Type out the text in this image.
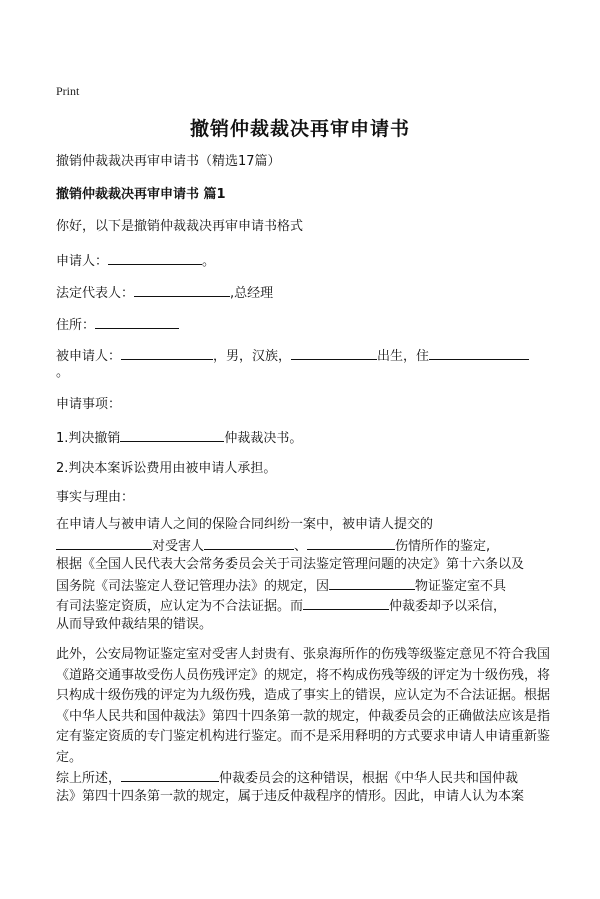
Print
撤销仲裁裁决再审申请书
撤销仲裁裁决再审申请书（精选17篇）
撤销仲裁裁决再审申请书 篇1
你好，以下是撤销仲裁裁决再审申请书格式
申请人：	。
法定代表人：	,总经理
住所：
被申请人：	，男，汉族，	出生，住
。
申请事项：
1.判决撤销	仲裁裁决书。
2.判决本案诉讼费用由被申请人承担。
事实与理由：
在申请人与被申请人之间的保险合同纠纷一案中，被申请人提交的
对受害人	、	伤情所作的鉴定,
根据《全国人民代表大会常务委员会关于司法鉴定管理问题的决定》第十六条以及
国务院《司法鉴定人登记管理办法》的规定，因	物证鉴定室不具
有司法鉴定资质，应认定为不合法证据。而	仲裁委却予以采信，
从而导致仲裁结果的错误。
此外，公安局物证鉴定室对受害人封贵有、张泉海所作的伤残等级鉴定意见不符合我国《道路交通事故受伤人员伤残评定》的规定，将不构成伤残等级的评定为十级伤残，将只构成十级伤残的评定为九级伤残，造成了事实上的错误，应认定为不合法证据。根据《中华人民共和国仲裁法》第四十四条第一款的规定，仲裁委员会的正确做法应该是指定有鉴定资质的专门鉴定机构进行鉴定。而不是采用释明的方式要求申请人申请重新鉴定。
综上所述，	仲裁委员会的这种错误，根据《中华人民共和国仲裁
法》第四十四条第一款的规定，属于违反仲裁程序的情形。因此，申请人认为本案
